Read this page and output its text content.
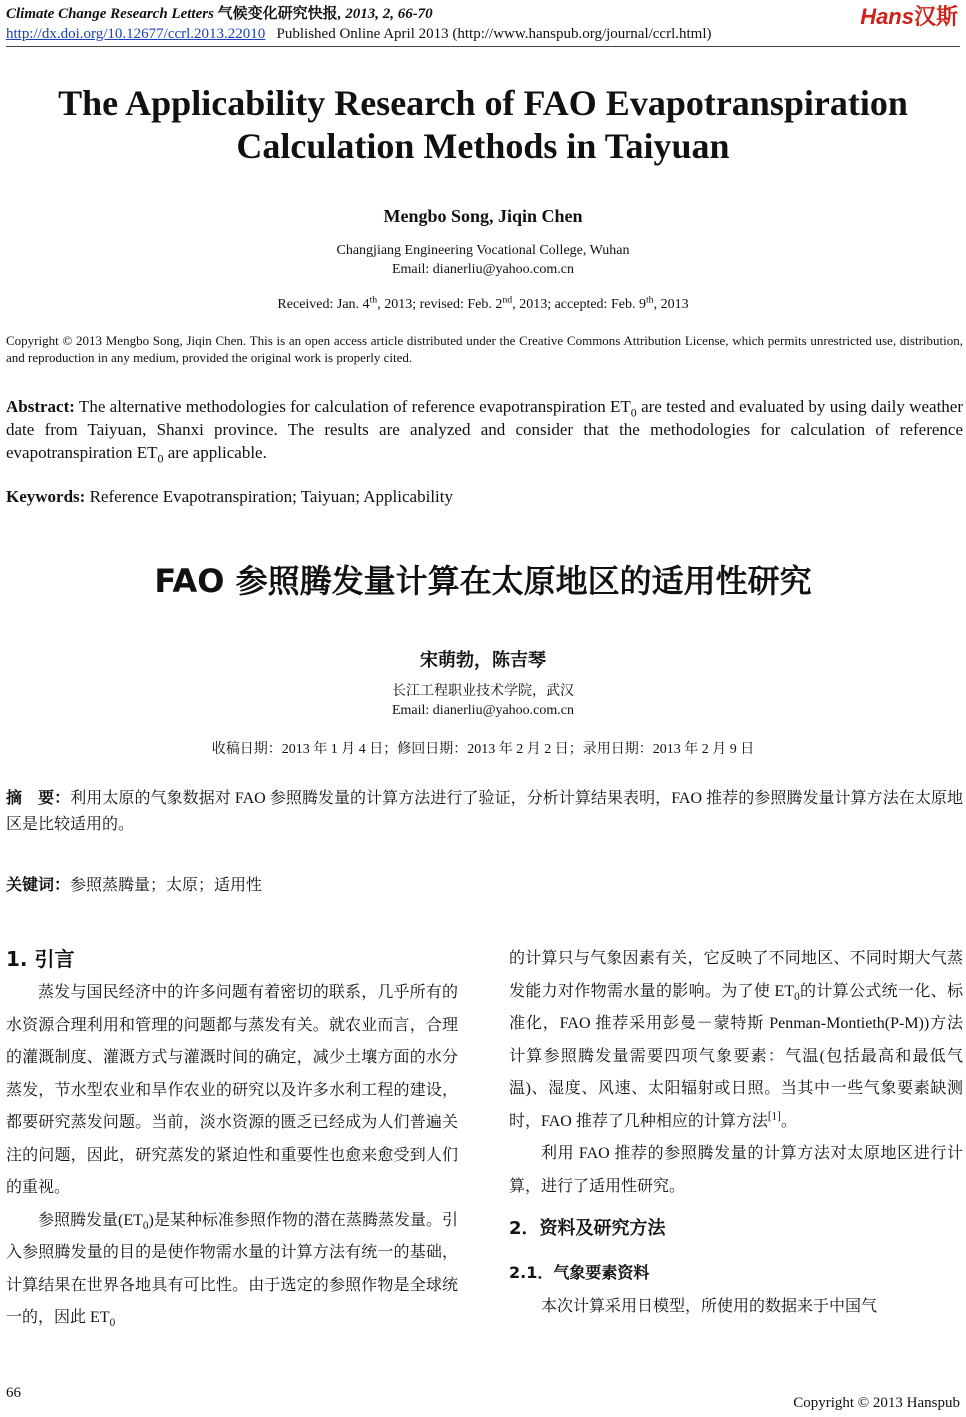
Climate Change Research Letters 气候变化研究快报, 2013, 2, 66-70
http://dx.doi.org/10.12677/ccrl.2013.22010 Published Online April 2013 (http://www.hanspub.org/journal/ccrl.html)
Hans汉斯
The Applicability Research of FAO Evapotranspiration
Calculation Methods in Taiyuan
Mengbo Song, Jiqin Chen
Changjiang Engineering Vocational College, Wuhan
Email: dianerliu@yahoo.com.cn
Received: Jan. 4th, 2013; revised: Feb. 2nd, 2013; accepted: Feb. 9th, 2013
Copyright © 2013 Mengbo Song, Jiqin Chen. This is an open access article distributed under the Creative Commons Attribution License, which permits unrestricted use, distribution, and reproduction in any medium, provided the original work is properly cited.
Abstract: The alternative methodologies for calculation of reference evapotranspiration $ET_0$ are tested and evaluated by using daily weather date from Taiyuan, Shanxi province. The results are analyzed and consider that the methodologies for calculation of reference evapotranspiration $ET_0$ are applicable.
Keywords: Reference Evapotranspiration; Taiyuan; Applicability
FAO 参照腾发量计算在太原地区的适用性研究
宋萌勃，陈吉琴
长江工程职业技术学院，武汉
Email: dianerliu@yahoo.com.cn
收稿日期：2013 年 1 月 4 日；修回日期：2013 年 2 月 2 日；录用日期：2013 年 2 月 9 日
摘　要：利用太原的气象数据对 FAO 参照腾发量的计算方法进行了验证，分析计算结果表明，FAO 推荐的参照腾发量计算方法在太原地区是比较适用的。
关键词：参照蒸腾量；太原；适用性
1. 引言

蒸发与国民经济中的许多问题有着密切的联系，几乎所有的水资源合理利用和管理的问题都与蒸发有关。就农业而言，合理的灌溉制度、灌溉方式与灌溉时间的确定，减少土壤方面的水分蒸发，节水型农业和旱作农业的研究以及许多水利工程的建设，都要研究蒸发问题。当前，淡水资源的匮乏已经成为人们普遍关注的问题，因此，研究蒸发的紧迫性和重要性也愈来愈受到人们的重视。

参照腾发量$(ET_0)$是某种标准参照作物的潜在蒸腾蒸发量。引入参照腾发量的目的是使作物需水量的计算方法有统一的基础，计算结果在世界各地具有可比性。由于选定的参照作物是全球统一的，因此 $ET_0$

的计算只与气象因素有关，它反映了不同地区、不同时期大气蒸发能力对作物需水量的影响。为了使 $ET_0$的计算公式统一化、标准化，FAO 推荐采用彭曼－蒙特斯 Penman-Montieth(P-M))方法计算参照腾发量需要四项气象要素：气温(包括最高和最低气温)、湿度、风速、太阳辐射或日照。当其中一些气象要素缺测时，FAO 推荐了几种相应的计算方法[1]。

利用 FAO 推荐的参照腾发量的计算方法对太原地区进行计算，进行了适用性研究。

2．资料及研究方法
2.1．气象要素资料

本次计算采用日模型，所使用的数据来于中国气

66
Copyright © 2013 Hanspub
